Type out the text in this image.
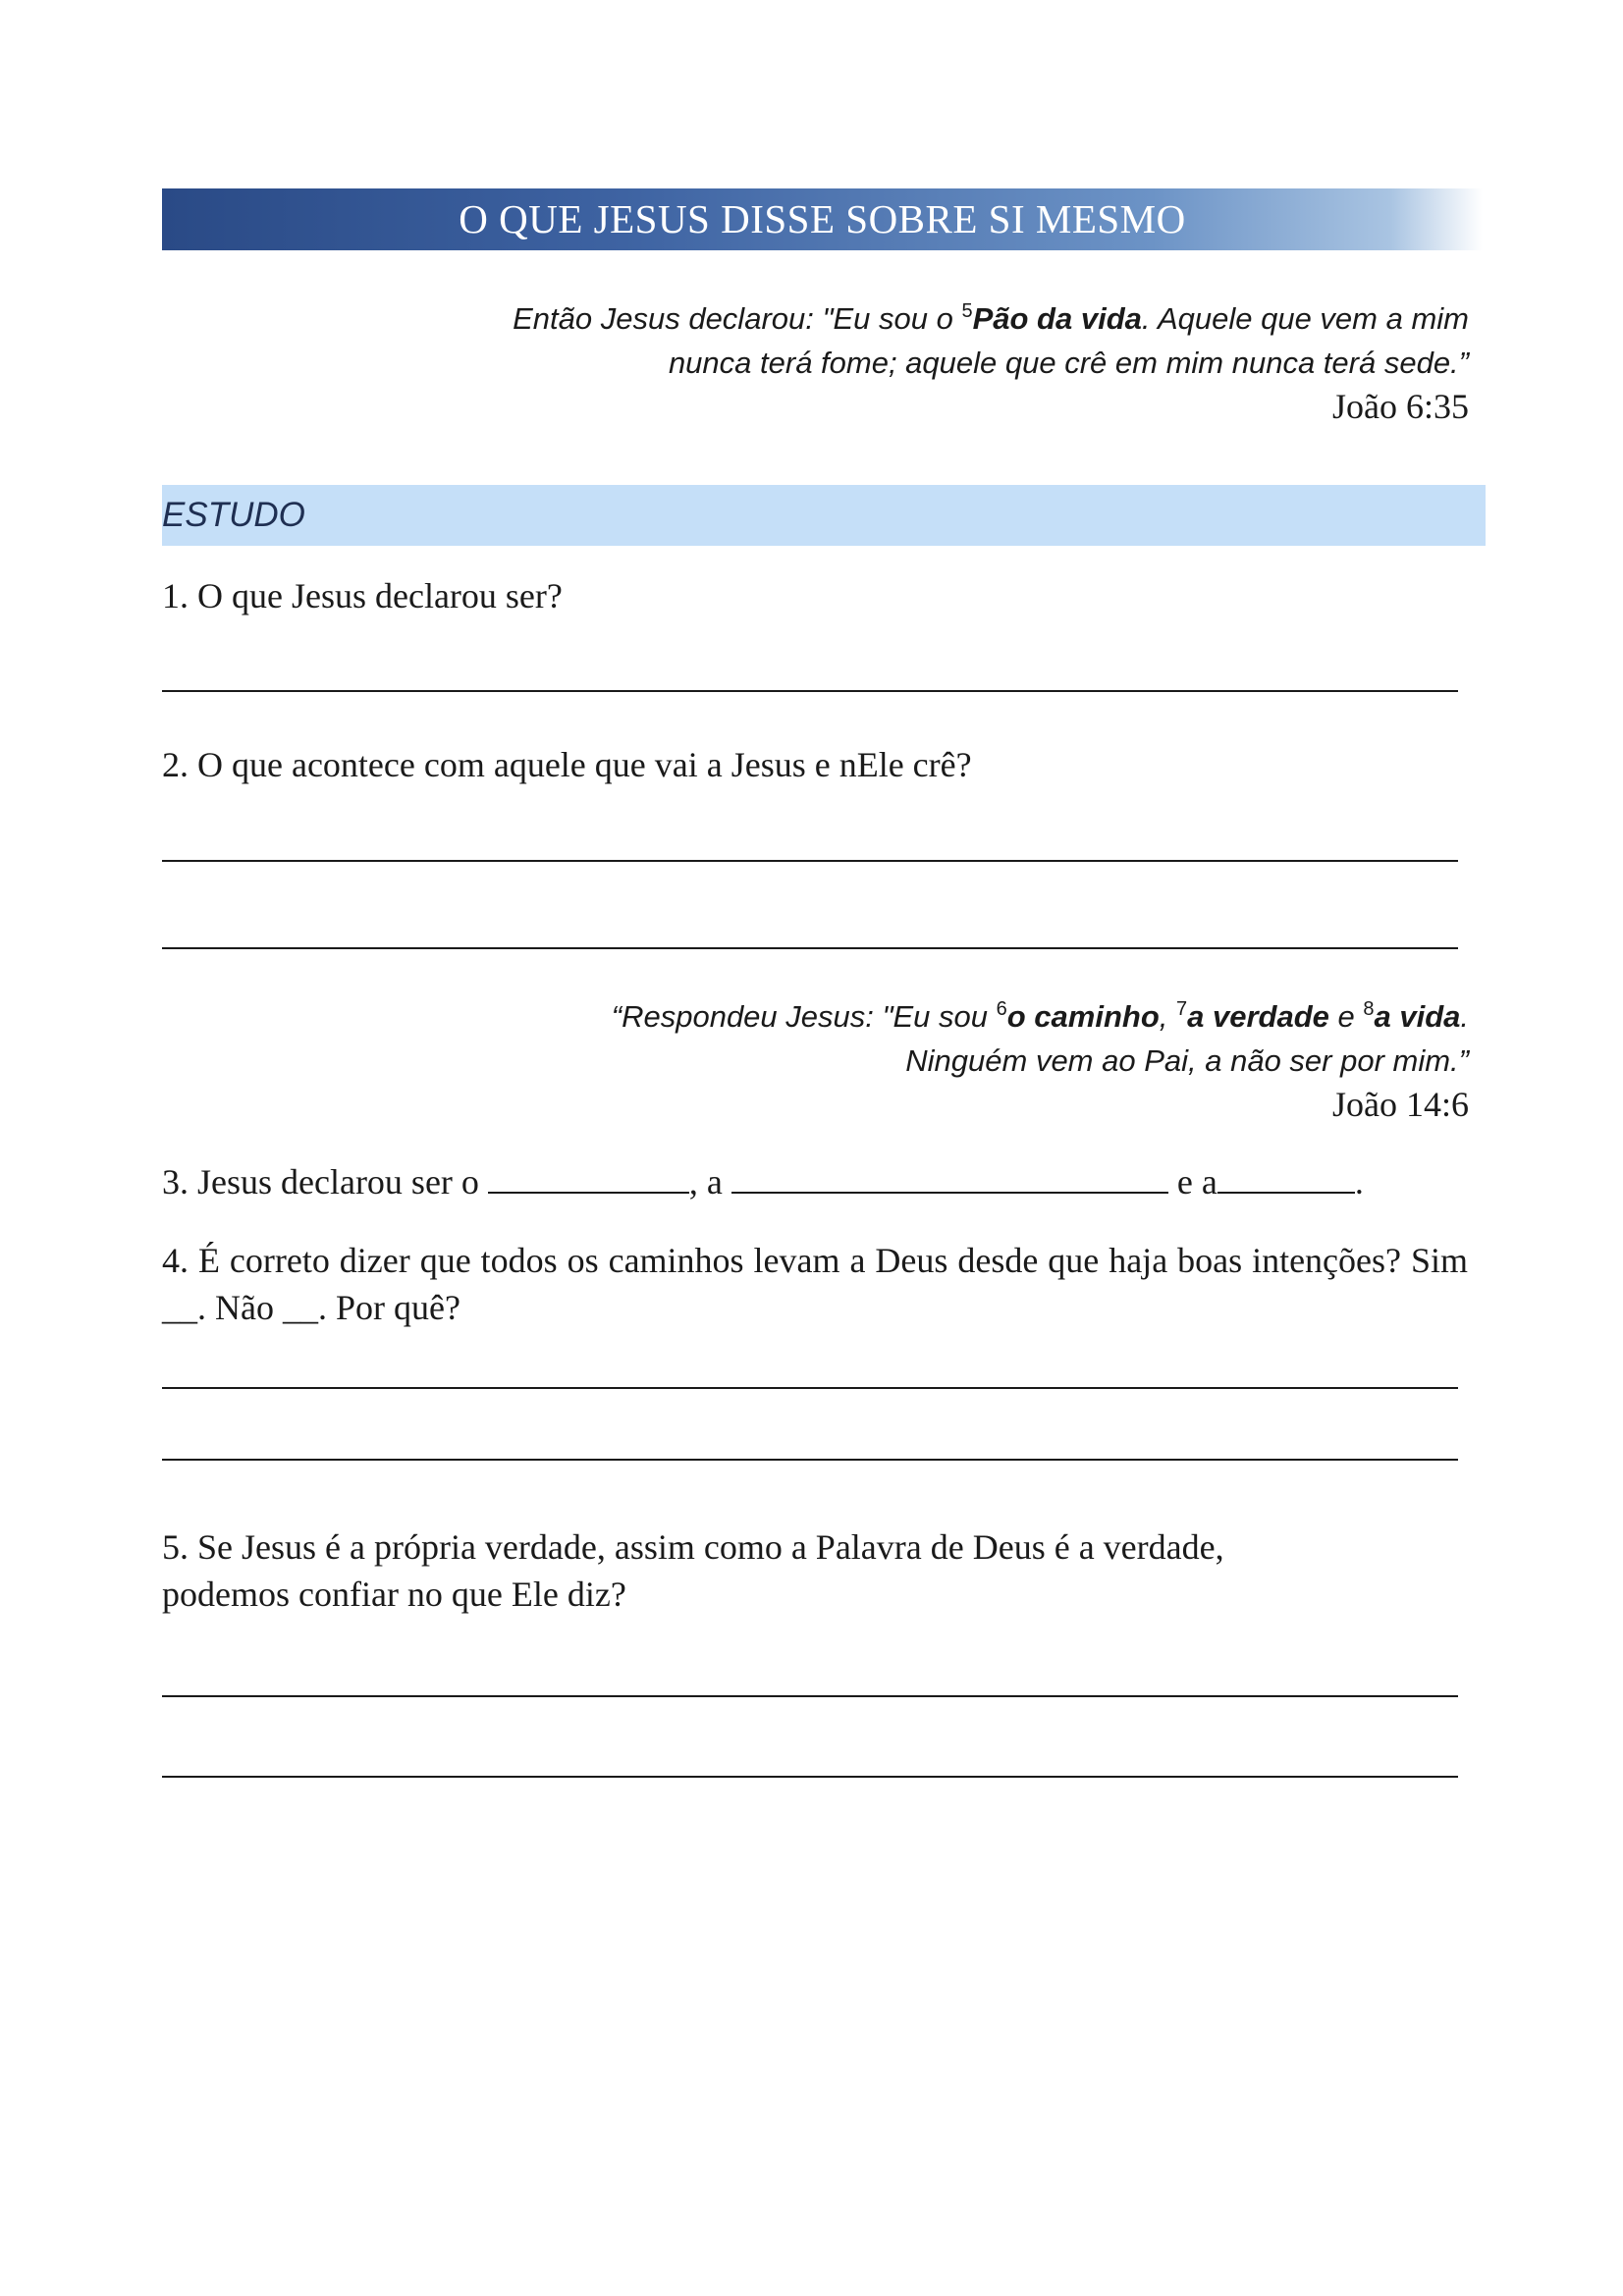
O QUE JESUS DISSE SOBRE SI MESMO
Então Jesus declarou: "Eu sou o $^5$Pão da vida. Aquele que vem a mim
nunca terá fome; aquele que crê em mim nunca terá sede.”
João 6:35
ESTUDO
1. O que Jesus declarou ser?
2. O que acontece com aquele que vai a Jesus e nEle crê?
“Respondeu Jesus: "Eu sou $^6$o caminho, $^7$a verdade e $^8$a vida.
Ninguém vem ao Pai, a não ser por mim.”
João 14:6
3. Jesus declarou ser o	, a	e a	.
4. É correto dizer que todos os caminhos levam a Deus desde que haja boas intenções? Sim __. Não __. Por quê?
5. Se Jesus é a própria verdade, assim como a Palavra de Deus é a verdade,
podemos confiar no que Ele diz?
